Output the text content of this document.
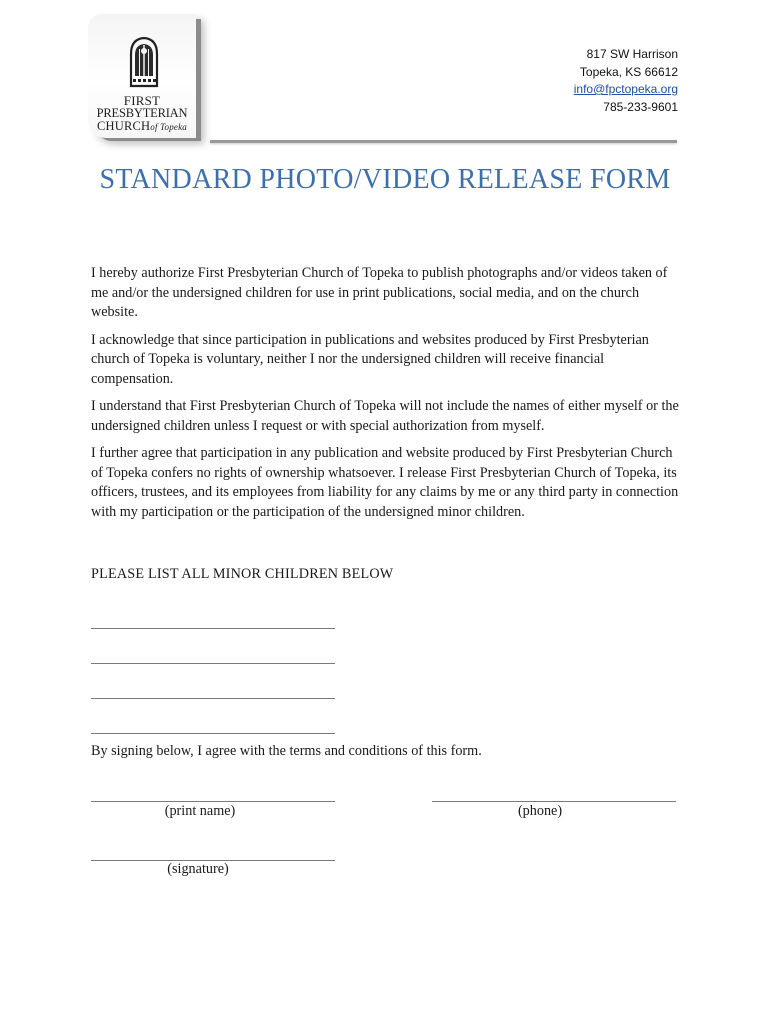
FIRST
PRESBYTERIAN
CHURCHof Topeka
817 SW Harrison
Topeka, KS 66612
info@fpctopeka.org
785-233-9601
STANDARD PHOTO/VIDEO RELEASE FORM

I hereby authorize First Presbyterian Church of Topeka to publish photographs and/or videos taken of me and/or the undersigned children for use in print publications, social media, and on the church website.

I acknowledge that since participation in publications and websites produced by First Presbyterian church of Topeka is voluntary, neither I nor the undersigned children will receive financial compensation.

I understand that First Presbyterian Church of Topeka will not include the names of either myself or the undersigned children unless I request or with special authorization from myself.

I further agree that participation in any publication and website produced by First Presbyterian Church of Topeka confers no rights of ownership whatsoever. I release First Presbyterian Church of Topeka, its officers, trustees, and its employees from liability for any claims by me or any third party in connection with my participation or the participation of the undersigned minor children.

PLEASE LIST ALL MINOR CHILDREN BELOW
By signing below, I agree with the terms and conditions of this form.
(print name)	(phone)
(signature)
